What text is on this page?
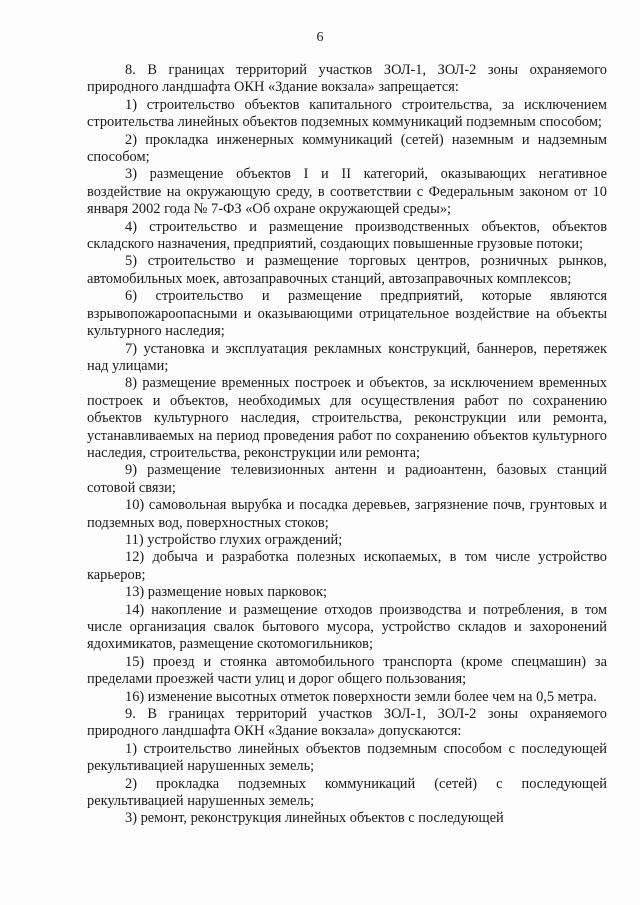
6

8. В границах территорий участков ЗОЛ-1, ЗОЛ-2 зоны охраняемого природного ландшафта ОКН «Здание вокзала» запрещается:

1) строительство объектов капитального строительства, за исключением строительства линейных объектов подземных коммуникаций подземным способом;

2) прокладка инженерных коммуникаций (сетей) наземным и надземным способом;

3) размещение объектов I и II категорий, оказывающих негативное воздействие на окружающую среду, в соответствии с Федеральным законом от 10 января 2002 года № 7-ФЗ «Об охране окружающей среды»;

4) строительство и размещение производственных объектов, объектов складского назначения, предприятий, создающих повышенные грузовые потоки;

5) строительство и размещение торговых центров, розничных рынков, автомобильных моек, автозаправочных станций, автозаправочных комплексов;

6) строительство и размещение предприятий, которые являются взрывопожароопасными и оказывающими отрицательное воздействие на объекты культурного наследия;

7) установка и эксплуатация рекламных конструкций, баннеров, перетяжек над улицами;

8) размещение временных построек и объектов, за исключением временных построек и объектов, необходимых для осуществления работ по сохранению объектов культурного наследия, строительства, реконструкции или ремонта, устанавливаемых на период проведения работ по сохранению объектов культурного наследия, строительства, реконструкции или ремонта;

9) размещение телевизионных антенн и радиоантенн, базовых станций сотовой связи;

10) самовольная вырубка и посадка деревьев, загрязнение почв, грунтовых и подземных вод, поверхностных стоков;

11) устройство глухих ограждений;

12) добыча и разработка полезных ископаемых, в том числе устройство карьеров;

13) размещение новых парковок;

14) накопление и размещение отходов производства и потребления, в том числе организация свалок бытового мусора, устройство складов и захоронений ядохимикатов, размещение скотомогильников;

15) проезд и стоянка автомобильного транспорта (кроме спецмашин) за пределами проезжей части улиц и дорог общего пользования;

16) изменение высотных отметок поверхности земли более чем на 0,5 метра.

9. В границах территорий участков ЗОЛ-1, ЗОЛ-2 зоны охраняемого природного ландшафта ОКН «Здание вокзала» допускаются:

1) строительство линейных объектов подземным способом с последующей рекультивацией нарушенных земель;

2) прокладка подземных коммуникаций (сетей) с последующей рекультивацией нарушенных земель;

3) ремонт, реконструкция линейных объектов с последующей
